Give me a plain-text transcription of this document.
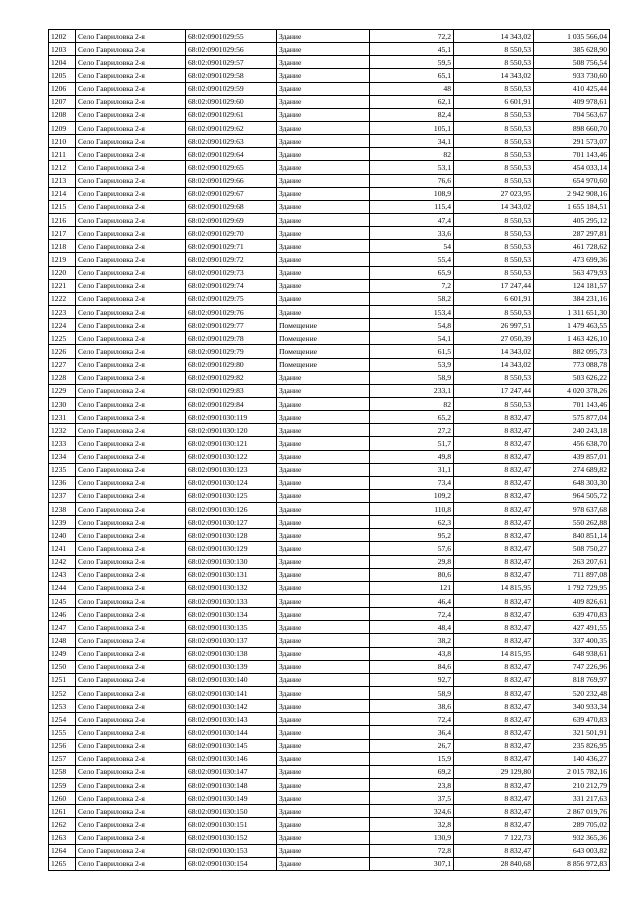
1202	Село Гавриловка 2-я	68:02:0901029:55	Здание	72,2	14 343,02	1 035 566,04
1203	Село Гавриловка 2-я	68:02:0901029:56	Здание	45,1	8 550,53	385 628,90
1204	Село Гавриловка 2-я	68:02:0901029:57	Здание	59,5	8 550,53	508 756,54
1205	Село Гавриловка 2-я	68:02:0901029:58	Здание	65,1	14 343,02	933 730,60
1206	Село Гавриловка 2-я	68:02:0901029:59	Здание	48	8 550,53	410 425,44
1207	Село Гавриловка 2-я	68:02:0901029:60	Здание	62,1	6 601,91	409 978,61
1208	Село Гавриловка 2-я	68:02:0901029:61	Здание	82,4	8 550,53	704 563,67
1209	Село Гавриловка 2-я	68:02:0901029:62	Здание	105,1	8 550,53	898 660,70
1210	Село Гавриловка 2-я	68:02:0901029:63	Здание	34,1	8 550,53	291 573,07
1211	Село Гавриловка 2-я	68:02:0901029:64	Здание	82	8 550,53	701 143,46
1212	Село Гавриловка 2-я	68:02:0901029:65	Здание	53,1	8 550,53	454 033,14
1213	Село Гавриловка 2-я	68:02:0901029:66	Здание	76,6	8 550,53	654 970,60
1214	Село Гавриловка 2-я	68:02:0901029:67	Здание	108,9	27 023,95	2 942 908,16
1215	Село Гавриловка 2-я	68:02:0901029:68	Здание	115,4	14 343,02	1 655 184,51
1216	Село Гавриловка 2-я	68:02:0901029:69	Здание	47,4	8 550,53	405 295,12
1217	Село Гавриловка 2-я	68:02:0901029:70	Здание	33,6	8 550,53	287 297,81
1218	Село Гавриловка 2-я	68:02:0901029:71	Здание	54	8 550,53	461 728,62
1219	Село Гавриловка 2-я	68:02:0901029:72	Здание	55,4	8 550,53	473 699,36
1220	Село Гавриловка 2-я	68:02:0901029:73	Здание	65,9	8 550,53	563 479,93
1221	Село Гавриловка 2-я	68:02:0901029:74	Здание	7,2	17 247,44	124 181,57
1222	Село Гавриловка 2-я	68:02:0901029:75	Здание	58,2	6 601,91	384 231,16
1223	Село Гавриловка 2-я	68:02:0901029:76	Здание	153,4	8 550,53	1 311 651,30
1224	Село Гавриловка 2-я	68:02:0901029:77	Помещение	54,8	26 997,51	1 479 463,55
1225	Село Гавриловка 2-я	68:02:0901029:78	Помещение	54,1	27 050,39	1 463 426,10
1226	Село Гавриловка 2-я	68:02:0901029:79	Помещение	61,5	14 343,02	882 095,73
1227	Село Гавриловка 2-я	68:02:0901029:80	Помещение	53,9	14 343,02	773 088,78
1228	Село Гавриловка 2-я	68:02:0901029:82	Здание	58,9	8 550,53	503 626,22
1229	Село Гавриловка 2-я	68:02:0901029:83	Здание	233,1	17 247,44	4 020 378,26
1230	Село Гавриловка 2-я	68:02:0901029:84	Здание	82	8 550,53	701 143,46
1231	Село Гавриловка 2-я	68:02:0901030:119	Здание	65,2	8 832,47	575 877,04
1232	Село Гавриловка 2-я	68:02:0901030:120	Здание	27,2	8 832,47	240 243,18
1233	Село Гавриловка 2-я	68:02:0901030:121	Здание	51,7	8 832,47	456 638,70
1234	Село Гавриловка 2-я	68:02:0901030:122	Здание	49,8	8 832,47	439 857,01
1235	Село Гавриловка 2-я	68:02:0901030:123	Здание	31,1	8 832,47	274 689,82
1236	Село Гавриловка 2-я	68:02:0901030:124	Здание	73,4	8 832,47	648 303,30
1237	Село Гавриловка 2-я	68:02:0901030:125	Здание	109,2	8 832,47	964 505,72
1238	Село Гавриловка 2-я	68:02:0901030:126	Здание	110,8	8 832,47	978 637,68
1239	Село Гавриловка 2-я	68:02:0901030:127	Здание	62,3	8 832,47	550 262,88
1240	Село Гавриловка 2-я	68:02:0901030:128	Здание	95,2	8 832,47	840 851,14
1241	Село Гавриловка 2-я	68:02:0901030:129	Здание	57,6	8 832,47	508 750,27
1242	Село Гавриловка 2-я	68:02:0901030:130	Здание	29,8	8 832,47	263 207,61
1243	Село Гавриловка 2-я	68:02:0901030:131	Здание	80,6	8 832,47	711 897,08
1244	Село Гавриловка 2-я	68:02:0901030:132	Здание	121	14 815,95	1 792 729,95
1245	Село Гавриловка 2-я	68:02:0901030:133	Здание	46,4	8 832,47	409 826,61
1246	Село Гавриловка 2-я	68:02:0901030:134	Здание	72,4	8 832,47	639 470,83
1247	Село Гавриловка 2-я	68:02:0901030:135	Здание	48,4	8 832,47	427 491,55
1248	Село Гавриловка 2-я	68:02:0901030:137	Здание	38,2	8 832,47	337 400,35
1249	Село Гавриловка 2-я	68:02:0901030:138	Здание	43,8	14 815,95	648 938,61
1250	Село Гавриловка 2-я	68:02:0901030:139	Здание	84,6	8 832,47	747 226,96
1251	Село Гавриловка 2-я	68:02:0901030:140	Здание	92,7	8 832,47	818 769,97
1252	Село Гавриловка 2-я	68:02:0901030:141	Здание	58,9	8 832,47	520 232,48
1253	Село Гавриловка 2-я	68:02:0901030:142	Здание	38,6	8 832,47	340 933,34
1254	Село Гавриловка 2-я	68:02:0901030:143	Здание	72,4	8 832,47	639 470,83
1255	Село Гавриловка 2-я	68:02:0901030:144	Здание	36,4	8 832,47	321 501,91
1256	Село Гавриловка 2-я	68:02:0901030:145	Здание	26,7	8 832,47	235 826,95
1257	Село Гавриловка 2-я	68:02:0901030:146	Здание	15,9	8 832,47	140 436,27
1258	Село Гавриловка 2-я	68:02:0901030:147	Здание	69,2	29 129,80	2 015 782,16
1259	Село Гавриловка 2-я	68:02:0901030:148	Здание	23,8	8 832,47	210 212,79
1260	Село Гавриловка 2-я	68:02:0901030:149	Здание	37,5	8 832,47	331 217,63
1261	Село Гавриловка 2-я	68:02:0901030:150	Здание	324,6	8 832,47	2 867 019,76
1262	Село Гавриловка 2-я	68:02:0901030:151	Здание	32,8	8 832,47	289 705,02
1263	Село Гавриловка 2-я	68:02:0901030:152	Здание	130,9	7 122,73	932 365,36
1264	Село Гавриловка 2-я	68:02:0901030:153	Здание	72,8	8 832,47	643 003,82
1265	Село Гавриловка 2-я	68:02:0901030:154	Здание	307,1	28 840,68	8 856 972,83
